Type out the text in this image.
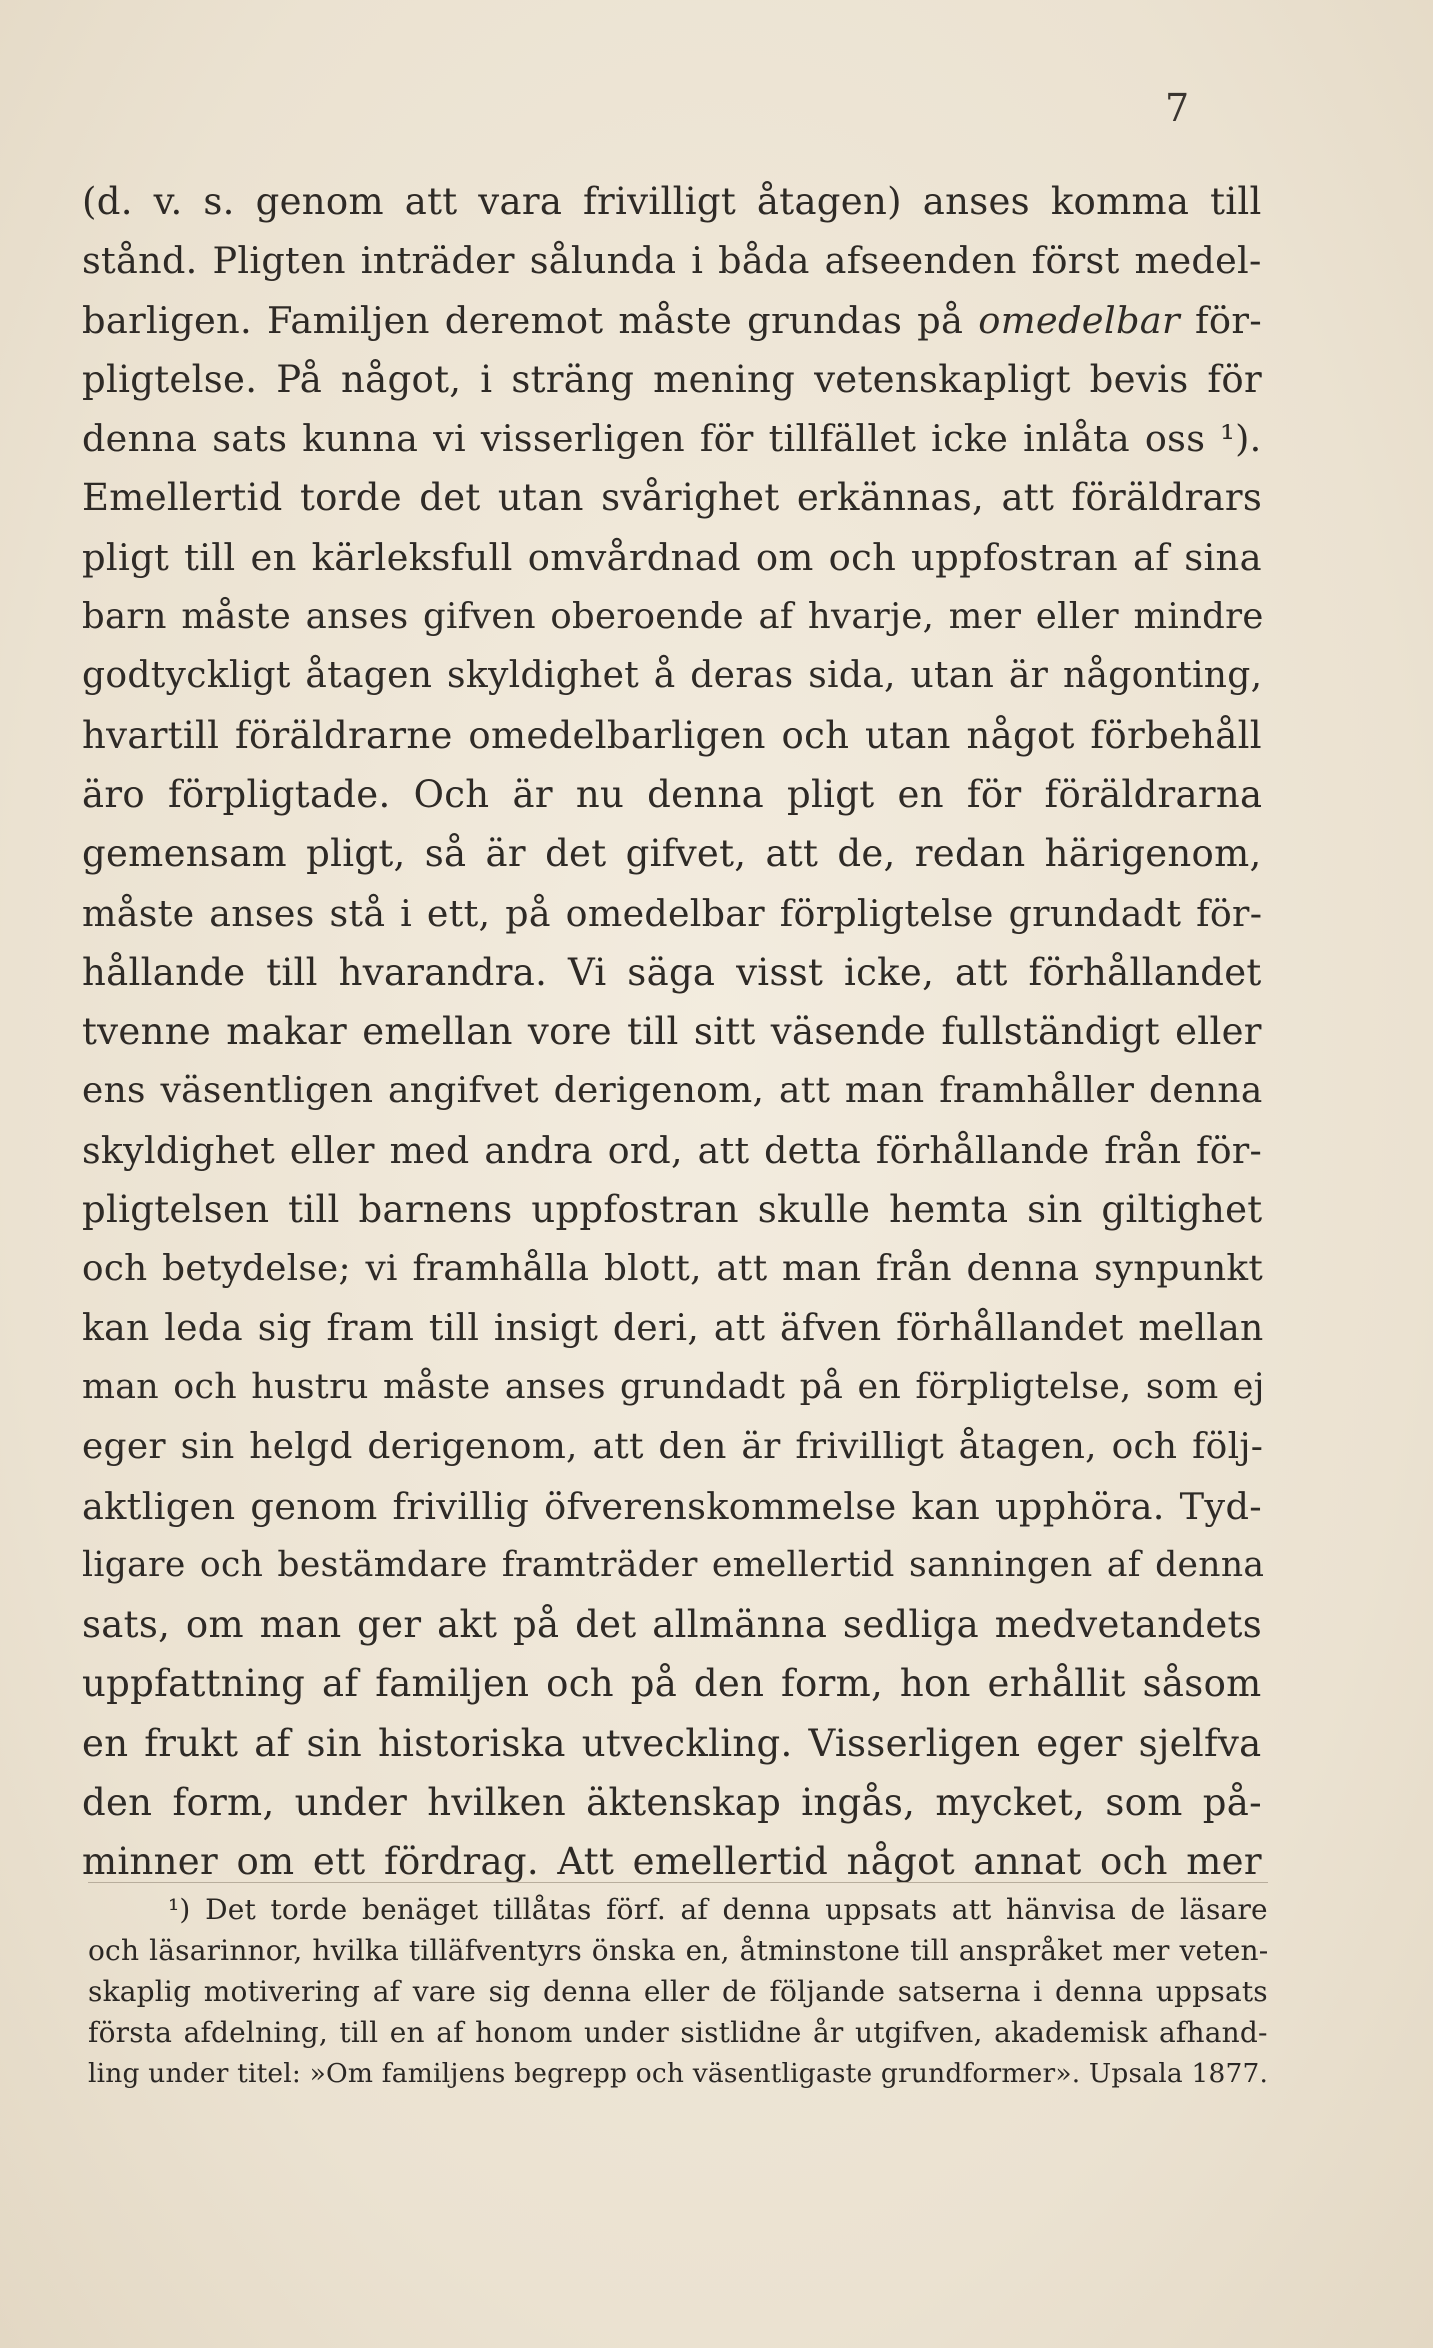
7
(d. v. s. genom att vara frivilligt åtagen) anses komma till
stånd. Pligten inträder sålunda i båda afseenden först medel-
barligen. Familjen deremot måste grundas på omedelbar för-
pligtelse. På något, i sträng mening vetenskapligt bevis för
denna sats kunna vi visserligen för tillfället icke inlåta oss ¹).
Emellertid torde det utan svårighet erkännas, att föräldrars
pligt till en kärleksfull omvårdnad om och uppfostran af sina
barn måste anses gifven oberoende af hvarje, mer eller mindre
godtyckligt åtagen skyldighet å deras sida, utan är någonting,
hvartill föräldrarne omedelbarligen och utan något förbehåll
äro förpligtade. Och är nu denna pligt en för föräldrarna
gemensam pligt, så är det gifvet, att de, redan härigenom,
måste anses stå i ett, på omedelbar förpligtelse grundadt för-
hållande till hvarandra. Vi säga visst icke, att förhållandet
tvenne makar emellan vore till sitt väsende fullständigt eller
ens väsentligen angifvet derigenom, att man framhåller denna
skyldighet eller med andra ord, att detta förhållande från för-
pligtelsen till barnens uppfostran skulle hemta sin giltighet
och betydelse; vi framhålla blott, att man från denna synpunkt
kan leda sig fram till insigt deri, att äfven förhållandet mellan
man och hustru måste anses grundadt på en förpligtelse, som ej
eger sin helgd derigenom, att den är frivilligt åtagen, och följ-
aktligen genom frivillig öfverenskommelse kan upphöra. Tyd-
ligare och bestämdare framträder emellertid sanningen af denna
sats, om man ger akt på det allmänna sedliga medvetandets
uppfattning af familjen och på den form, hon erhållit såsom
en frukt af sin historiska utveckling. Visserligen eger sjelfva
den form, under hvilken äktenskap ingås, mycket, som på-
minner om ett fördrag. Att emellertid något annat och mer
¹) Det torde benäget tillåtas förf. af denna uppsats att hänvisa de läsare
och läsarinnor, hvilka tilläfventyrs önska en, åtminstone till anspråket mer veten-
skaplig motivering af vare sig denna eller de följande satserna i denna uppsats
första afdelning, till en af honom under sistlidne år utgifven, akademisk afhand-
ling under titel: »Om familjens begrepp och väsentligaste grundformer». Upsala 1877.
